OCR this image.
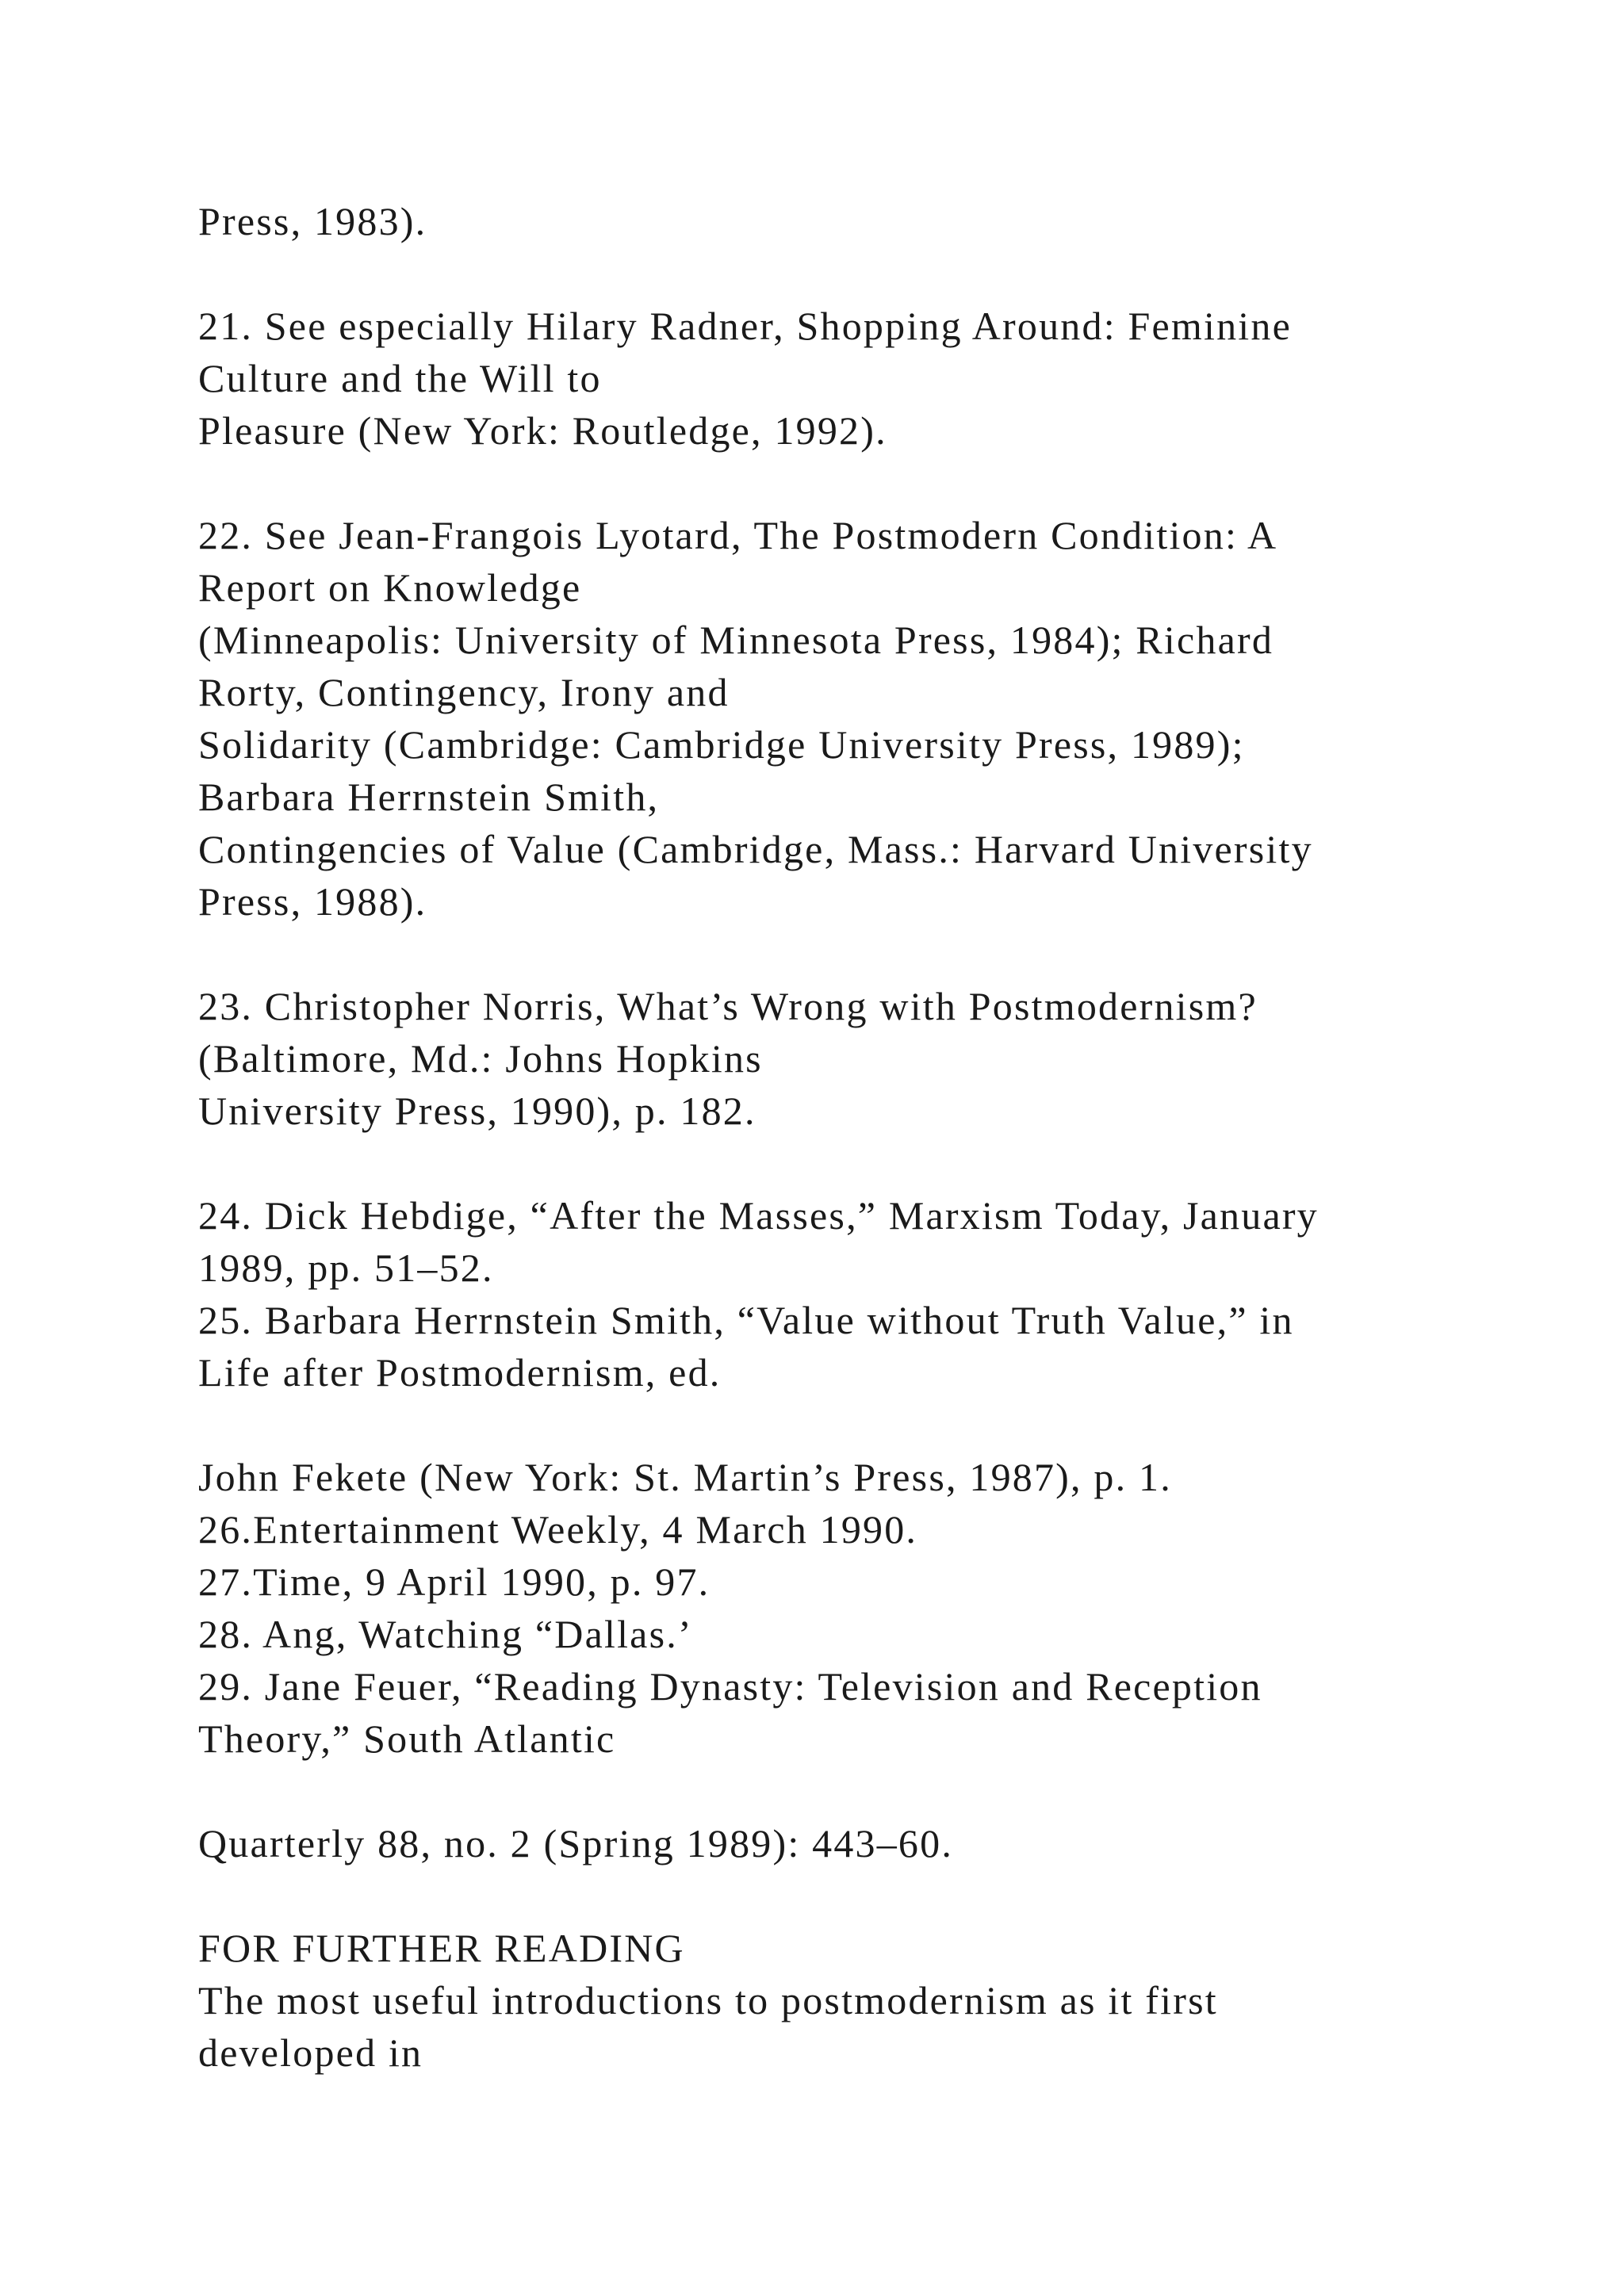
Press, 1983).
21. See especially Hilary Radner, Shopping Around: Feminine
Culture and the Will to
Pleasure (New York: Routledge, 1992).
22. See Jean-Frangois Lyotard, The Postmodern Condition: A
Report on Knowledge
(Minneapolis: University of Minnesota Press, 1984); Richard
Rorty, Contingency, Irony and
Solidarity (Cambridge: Cambridge University Press, 1989);
Barbara Herrnstein Smith,
Contingencies of Value (Cambridge, Mass.: Harvard University
Press, 1988).
23. Christopher Norris, What’s Wrong with Postmodernism?
(Baltimore, Md.: Johns Hopkins
University Press, 1990), p. 182.
24. Dick Hebdige, “After the Masses,” Marxism Today, January
1989, pp. 51–52.
25. Barbara Herrnstein Smith, “Value without Truth Value,” in
Life after Postmodernism, ed.
John Fekete (New York: St. Martin’s Press, 1987), p. 1.
26.Entertainment Weekly, 4 March 1990.
27.Time, 9 April 1990, p. 97.
28. Ang, Watching “Dallas.’
29. Jane Feuer, “Reading Dynasty: Television and Reception
Theory,” South Atlantic
Quarterly 88, no. 2 (Spring 1989): 443–60.
FOR FURTHER READING
The most useful introductions to postmodernism as it first
developed in
